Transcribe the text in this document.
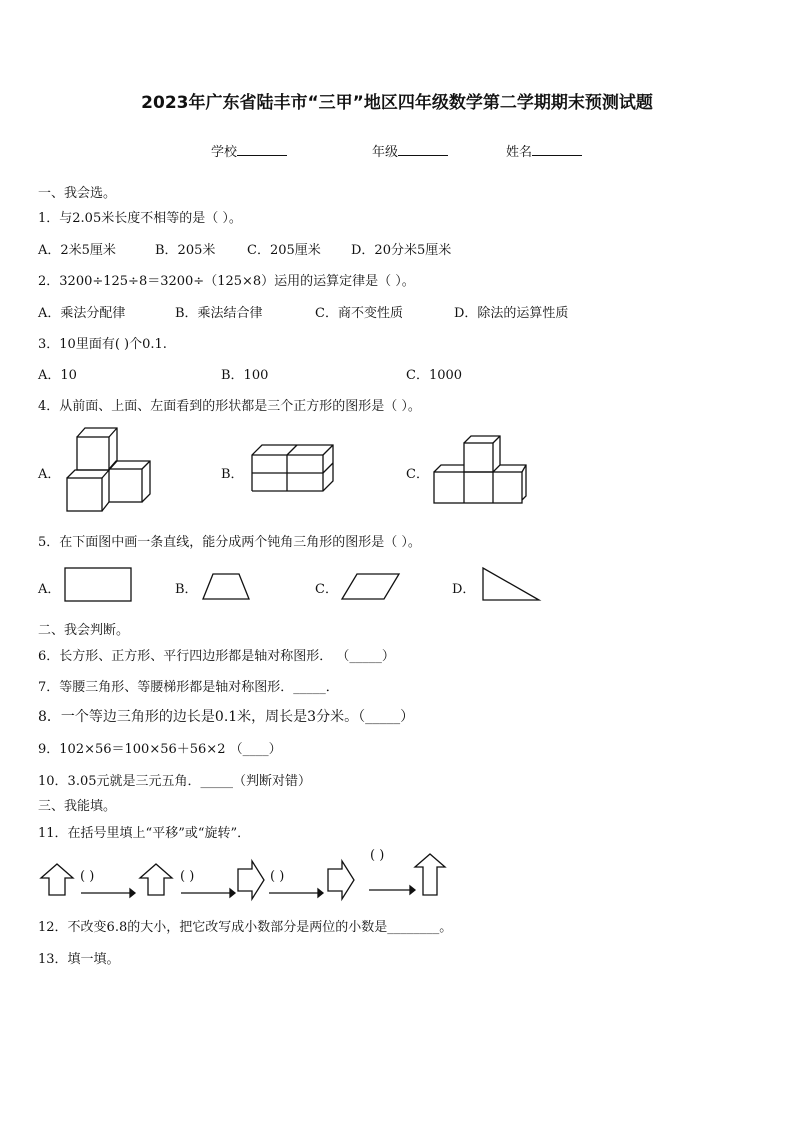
2023年广东省陆丰市“三甲”地区四年级数学第二学期期末预测试题
学校	年级	姓名
一、我会选。
1．与2.05米长度不相等的是（ ）。
A．2米5厘米	B．205米 C．205厘米 D．20分米5厘米
2．3200÷125÷8＝3200÷（125×8）运用的运算定律是（ ）。
A．乘法分配律	B．乘法结合律	C．商不变性质	D．除法的运算性质
3．10里面有( )个0.1.
A．10	B．100	C．1000
4．从前面、上面、左面看到的形状都是三个正方形的图形是（ ）。
A．	B．	C．
5．在下面图中画一条直线，能分成两个钝角三角形的图形是（ ）。
A．	B．	C．	D．
二、我会判断。
6．长方形、正方形、平行四边形都是轴对称图形． （_____）
7．等腰三角形、等腰梯形都是轴对称图形．_____．
8．一个等边三角形的边长是0.1米，周长是3分米。（_____）
9．102×56＝100×56＋56×2 （____）
10．3.05元就是三元五角．_____（判断对错）
三、我能填。
11．在括号里填上“平移”或“旋转”．
( )	( )	( )
( )
12．不改变6.8的大小，把它改写成小数部分是两位的小数是________。
13．填一填。
